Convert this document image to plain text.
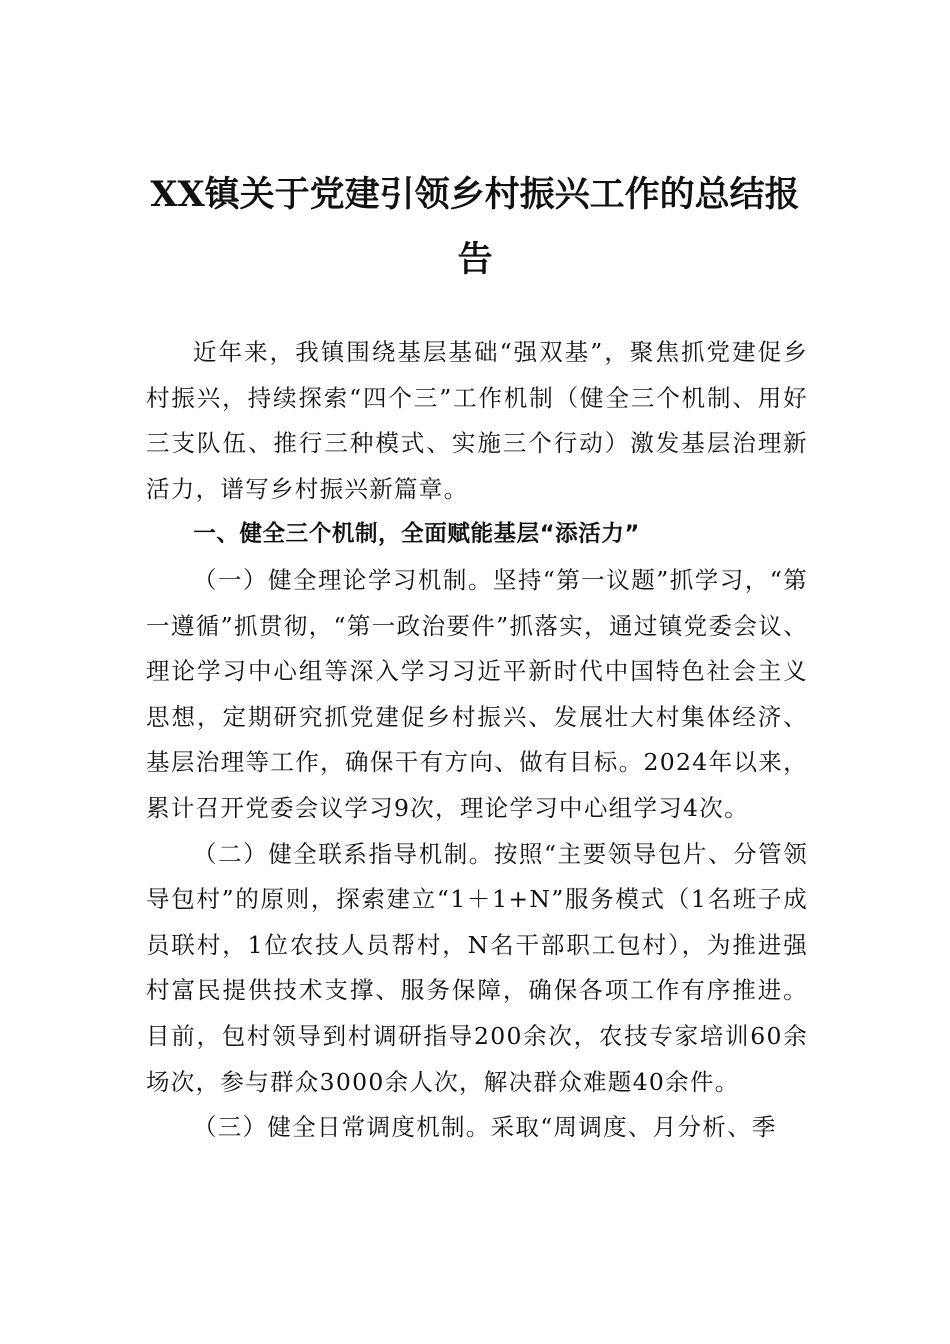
XX镇关于党建引领乡村振兴工作的总结报告

近年来，我镇围绕基层基础“强双基”，聚焦抓党建促乡村振兴，持续探索“四个三”工作机制（健全三个机制、用好三支队伍、推行三种模式、实施三个行动）激发基层治理新活力，谱写乡村振兴新篇章。

一、健全三个机制，全面赋能基层“添活力”

（一）健全理论学习机制。坚持“第一议题”抓学习，“第一遵循”抓贯彻，“第一政治要件”抓落实，通过镇党委会议、理论学习中心组等深入学习习近平新时代中国特色社会主义思想，定期研究抓党建促乡村振兴、发展壮大村集体经济、基层治理等工作，确保干有方向、做有目标。2024年以来，累计召开党委会议学习9次，理论学习中心组学习4次。

（二）健全联系指导机制。按照“主要领导包片、分管领导包村”的原则，探索建立“1＋1+N”服务模式（1名班子成员联村，1位农技人员帮村，N名干部职工包村），为推进强村富民提供技术支撑、服务保障，确保各项工作有序推进。目前，包村领导到村调研指导200余次，农技专家培训60余场次，参与群众3000余人次，解决群众难题40余件。

（三）健全日常调度机制。采取“周调度、月分析、季
